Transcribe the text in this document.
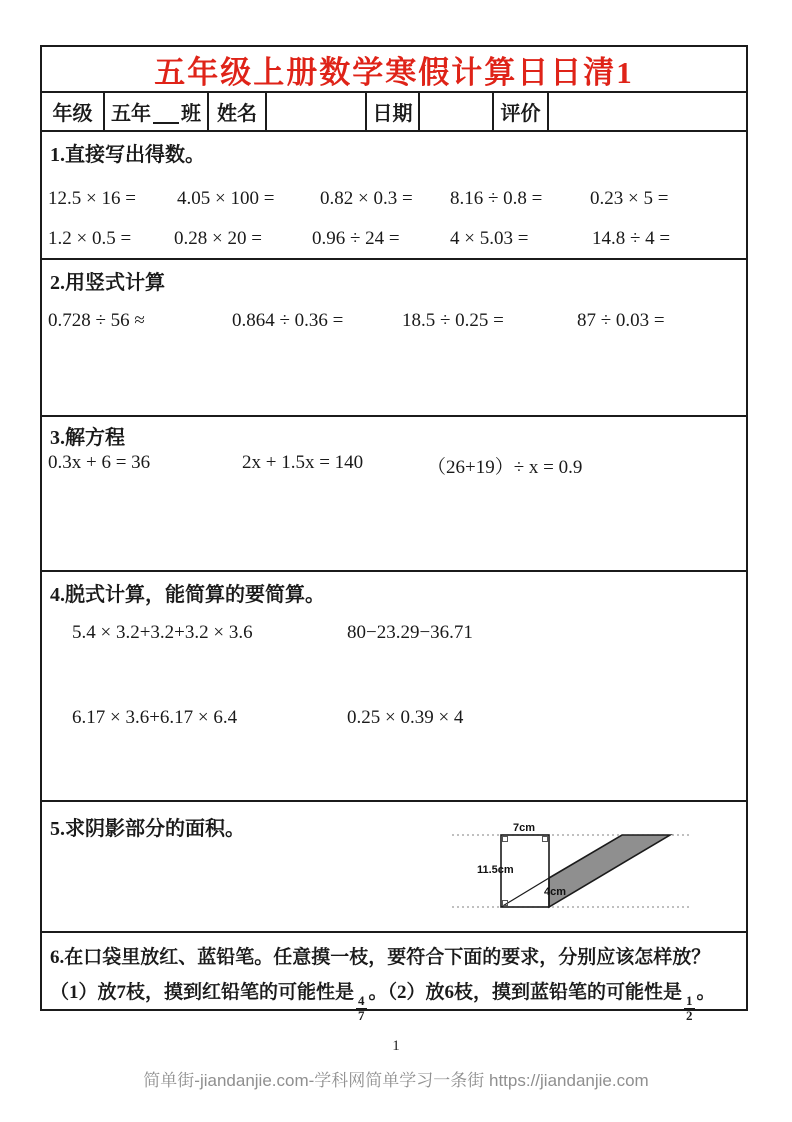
五年级上册数学寒假计算日日清1
年级 五年 班 姓名	日期	评价
1.直接写出得数。
12.5 × 16 = 4.05 × 100 = 0.82 × 0.3 = 8.16 ÷ 0.8 =	0.23 × 5 =
1.2 × 0.5 = 0.28 × 20 =	0.96 ÷ 24 =	4 × 5.03 =	14.8 ÷ 4 =
2.用竖式计算
0.728 ÷ 56 ≈	0.864 ÷ 0.36 =	18.5 ÷ 0.25 =	87 ÷ 0.03 =
3.解方程
0.3x + 6 = 36	2x + 1.5x = 140	（26+19）÷ x = 0.9
4.脱式计算，能简算的要简算。
5.4 × 3.2+3.2+3.2 × 3.6	80−23.29−36.71
6.17 × 3.6+6.17 × 6.4	0.25 × 0.39 × 4
5.求阴影部分的面积。	7cm
11.5cm
4cm
6.在口袋里放红、蓝铅笔。任意摸一枝，要符合下面的要求，分别应该怎样放？
（1）放7枝，摸到红铅笔的可能性是
$\frac{4}{7}$
。（2）放6枝，摸到蓝铅笔的可能性是
$\frac{1}{2}$
。
1
简单街-jiandanjie.com-学科网简单学习一条街 https://jiandanjie.com
